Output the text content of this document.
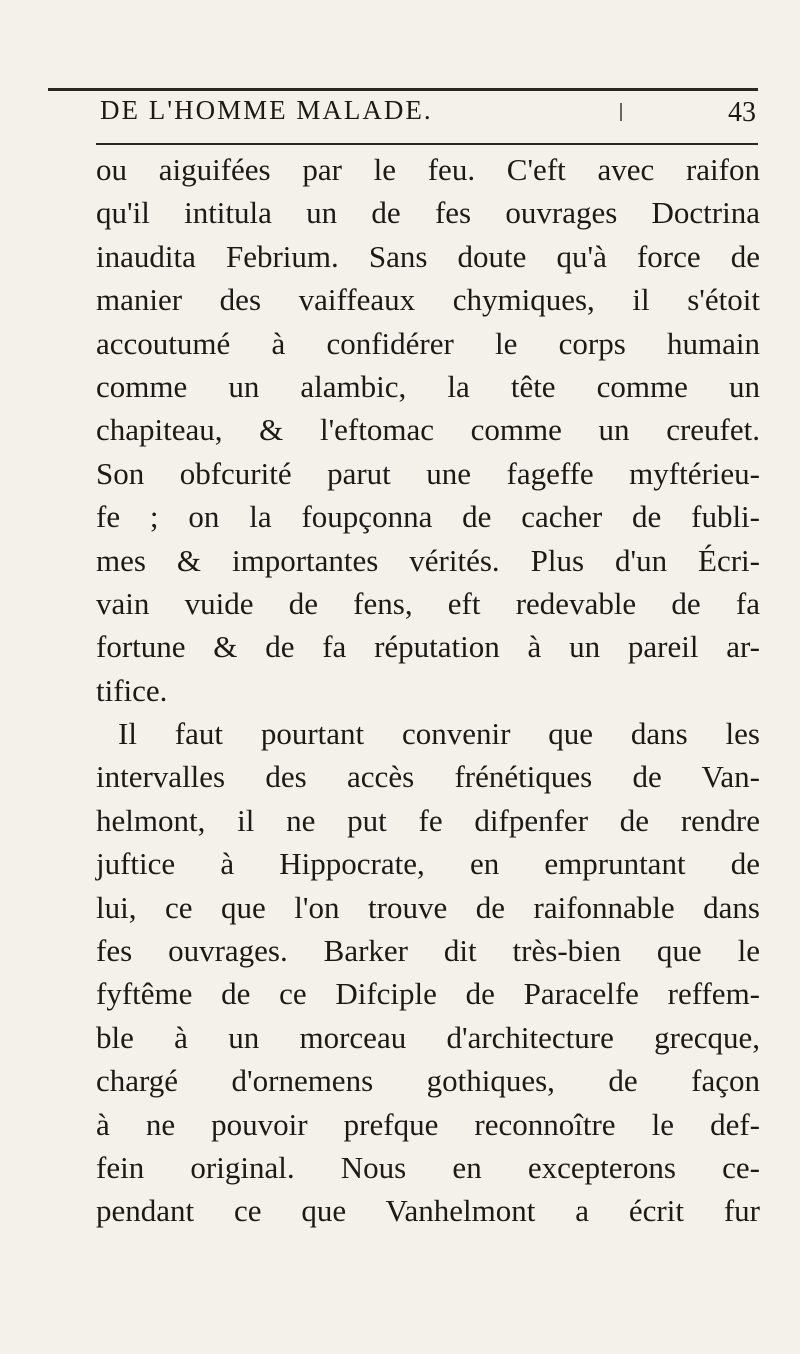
DE L'HOMME MALADE.	43
ou aiguifées par le feu. C'eft avec raifon
qu'il intitula un de fes ouvrages Doctrina
inaudita Febrium. Sans doute qu'à force de
manier des vaiffeaux chymiques, il s'étoit
accoutumé à confidérer le corps humain
comme un alambic, la tête comme un
chapiteau, & l'eftomac comme un creufet.
Son obfcurité parut une fageffe myftérieu-
fe ; on la foupçonna de cacher de fubli-
mes & importantes vérités. Plus d'un Écri-
vain vuide de fens, eft redevable de fa
fortune & de fa réputation à un pareil ar-
tifice.
Il faut pourtant convenir que dans les
intervalles des accès frénétiques de Van-
helmont, il ne put fe difpenfer de rendre
juftice à Hippocrate, en empruntant de
lui, ce que l'on trouve de raifonnable dans
fes ouvrages. Barker dit très-bien que le
fyftême de ce Difciple de Paracelfe reffem-
ble à un morceau d'architecture grecque,
chargé d'ornemens gothiques, de façon
à ne pouvoir prefque reconnoître le def-
fein original. Nous en excepterons ce-
pendant ce que Vanhelmont a écrit fur
